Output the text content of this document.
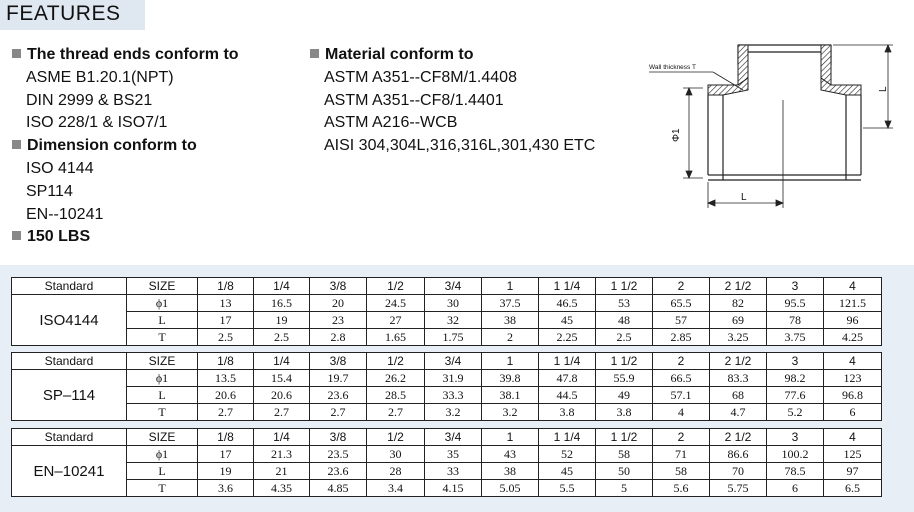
FEATURES
The thread ends conform to
ASME B1.20.1(NPT)
DIN 2999 & BS21
ISO 228/1 & ISO7/1
Dimension conform to
ISO 4144
SP114
EN--10241
150 LBS
Material conform to
ASTM A351--CF8M/1.4408
ASTM A351--CF8/1.4401
ASTM A216--WCB
AISI 304,304L,316,316L,301,430 ETC
Wall thickness T
L
Φ1
L
Standard	SIZE	1/8	1/4	3/8	1/2	3/4	1	1 1/4	1 1/2	2	2 1/2	3	4
ISO4144	ϕ1	13	16.5	20	24.5	30	37.5	46.5	53	65.5	82	95.5	121.5
	L	17	19	23	27	32	38	45	48	57	69	78	96
	T	2.5	2.5	2.8	1.65	1.75	2	2.25	2.5	2.85	3.25	3.75	4.25
Standard	SIZE	1/8	1/4	3/8	1/2	3/4	1	1 1/4	1 1/2	2	2 1/2	3	4
SP–114	ϕ1	13.5	15.4	19.7	26.2	31.9	39.8	47.8	55.9	66.5	83.3	98.2	123
	L	20.6	20.6	23.6	28.5	33.3	38.1	44.5	49	57.1	68	77.6	96.8
	T	2.7	2.7	2.7	2.7	3.2	3.2	3.8	3.8	4	4.7	5.2	6
Standard	SIZE	1/8	1/4	3/8	1/2	3/4	1	1 1/4	1 1/2	2	2 1/2	3	4
EN–10241	ϕ1	17	21.3	23.5	30	35	43	52	58	71	86.6	100.2	125
	L	19	21	23.6	28	33	38	45	50	58	70	78.5	97
	T	3.6	4.35	4.85	3.4	4.15	5.05	5.5	5	5.6	5.75	6	6.5
